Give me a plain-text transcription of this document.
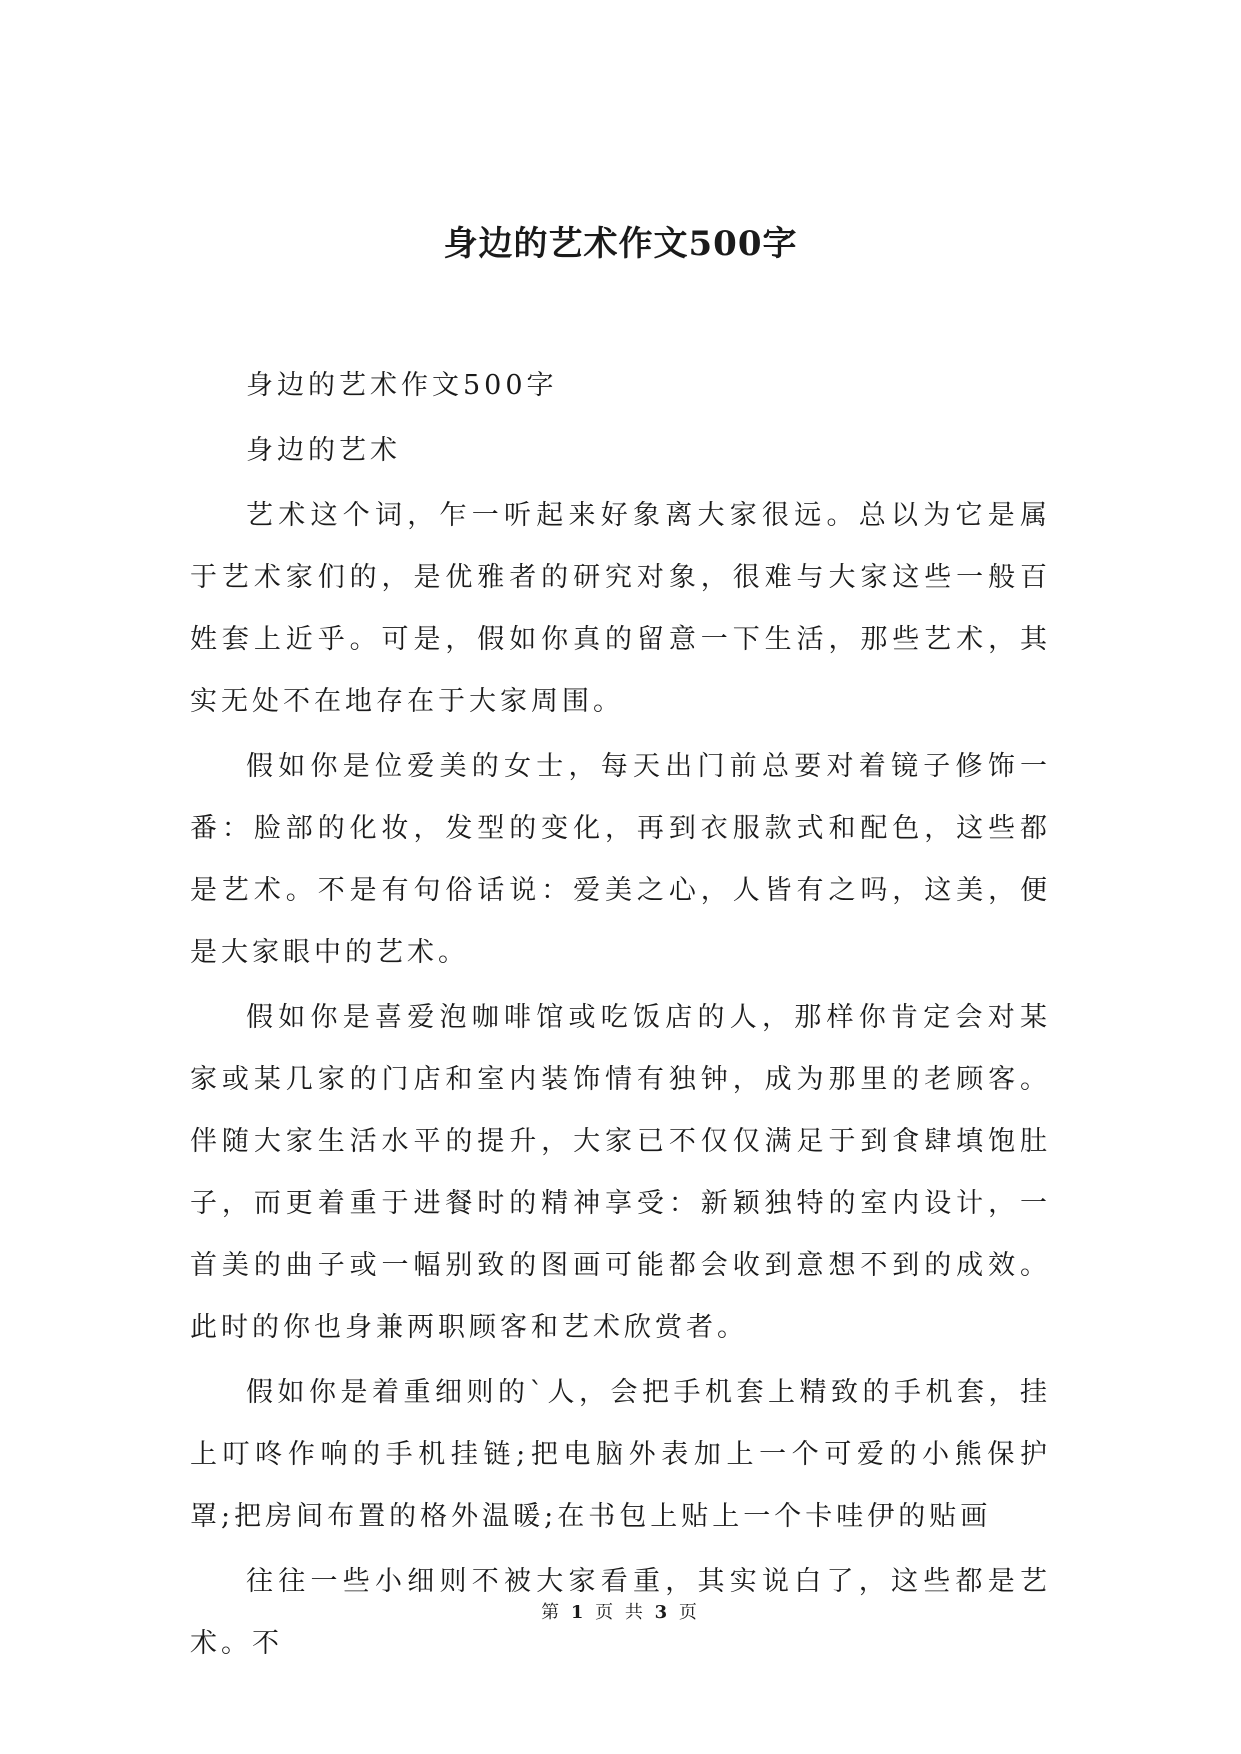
身边的艺术作文500字

身边的艺术作文500字

身边的艺术

艺术这个词，乍一听起来好象离大家很远。总以为它是属于艺术家们的，是优雅者的研究对象，很难与大家这些一般百姓套上近乎。可是，假如你真的留意一下生活，那些艺术，其实无处不在地存在于大家周围。

假如你是位爱美的女士，每天出门前总要对着镜子修饰一番：脸部的化妆，发型的变化，再到衣服款式和配色，这些都是艺术。不是有句俗话说：爱美之心，人皆有之吗，这美，便是大家眼中的艺术。

假如你是喜爱泡咖啡馆或吃饭店的人，那样你肯定会对某家或某几家的门店和室内装饰情有独钟，成为那里的老顾客。伴随大家生活水平的提升，大家已不仅仅满足于到食肆填饱肚子，而更着重于进餐时的精神享受：新颖独特的室内设计，一首美的曲子或一幅别致的图画可能都会收到意想不到的成效。此时的你也身兼两职顾客和艺术欣赏者。

假如你是着重细则的`人，会把手机套上精致的手机套，挂上叮咚作响的手机挂链;把电脑外表加上一个可爱的小熊保护罩;把房间布置的格外温暖;在书包上贴上一个卡哇伊的贴画

往往一些小细则不被大家看重，其实说白了，这些都是艺术。不

第 1 页 共 3 页
